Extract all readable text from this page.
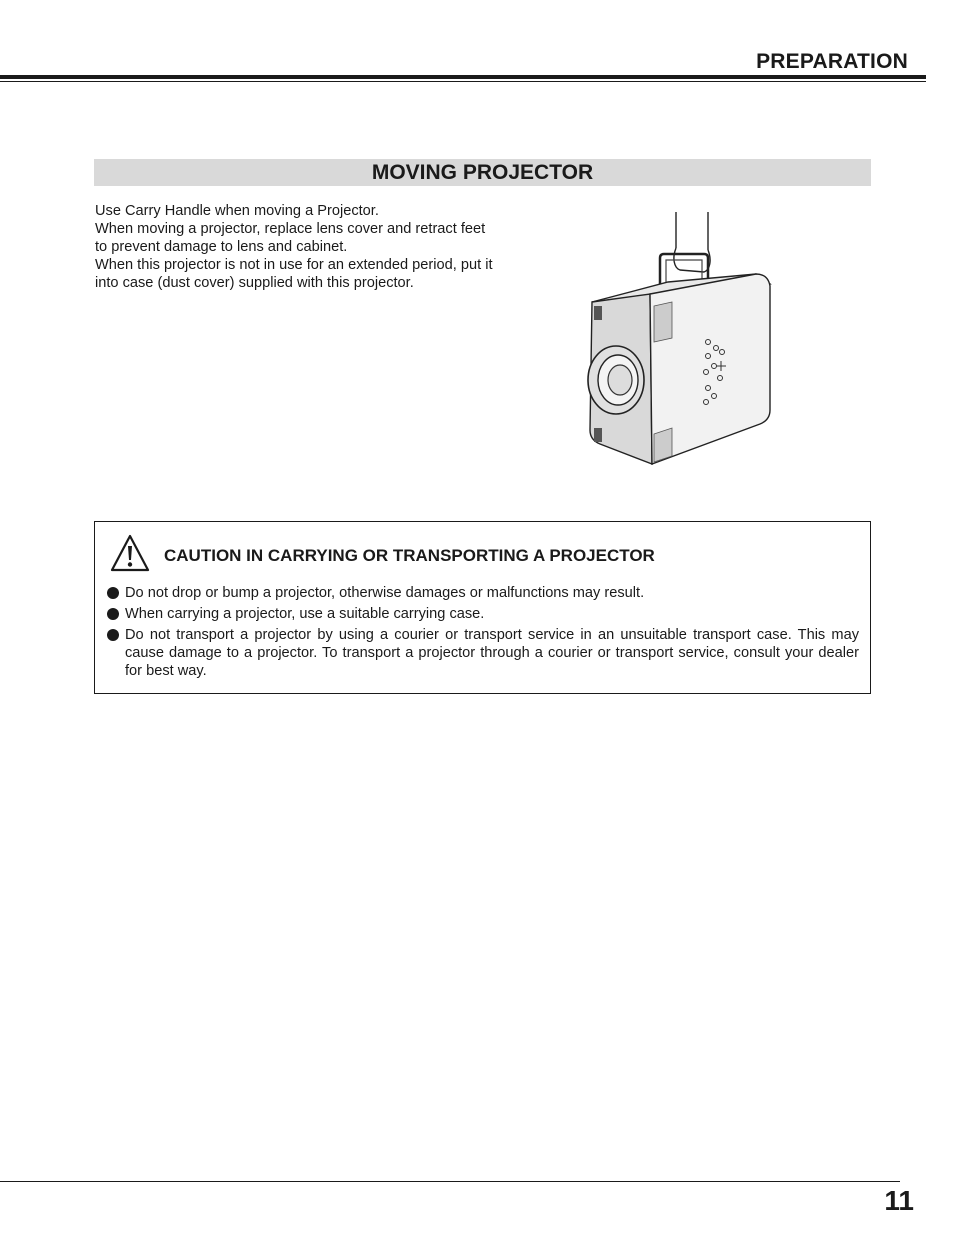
PREPARATION
MOVING PROJECTOR

Use Carry Handle when moving a Projector.

When moving a projector, replace lens cover and retract feet to prevent damage to lens and cabinet.

When this projector is not in use for an extended period, put it into case (dust cover) supplied with this projector.

CAUTION IN CARRYING OR TRANSPORTING A PROJECTOR
Do not drop or bump a projector, otherwise damages or malfunctions may result.
When carrying a projector, use a suitable carrying case.
Do not transport a projector by using a courier or transport service in an unsuitable transport case. This may cause damage to a projector. To transport a projector through a courier or transport service, consult your dealer for best way.
11
